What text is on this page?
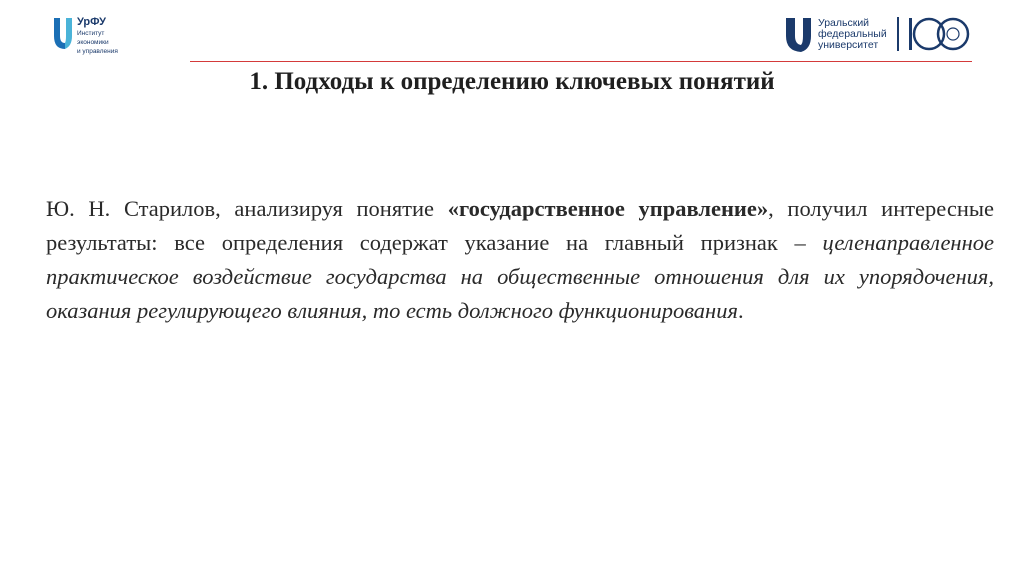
УрФУ
Институт
экономики
и управления
Уральский
федеральный
университет
1. Подходы к определению ключевых понятий

Ю. Н. Старилов, анализируя понятие «государственное управление», получил интересные результаты: все определения содержат указание на главный признак – целенаправленное практическое воздействие государства на общественные отношения для их упорядочения, оказания регулирующего влияния, то есть должного функционирования.
